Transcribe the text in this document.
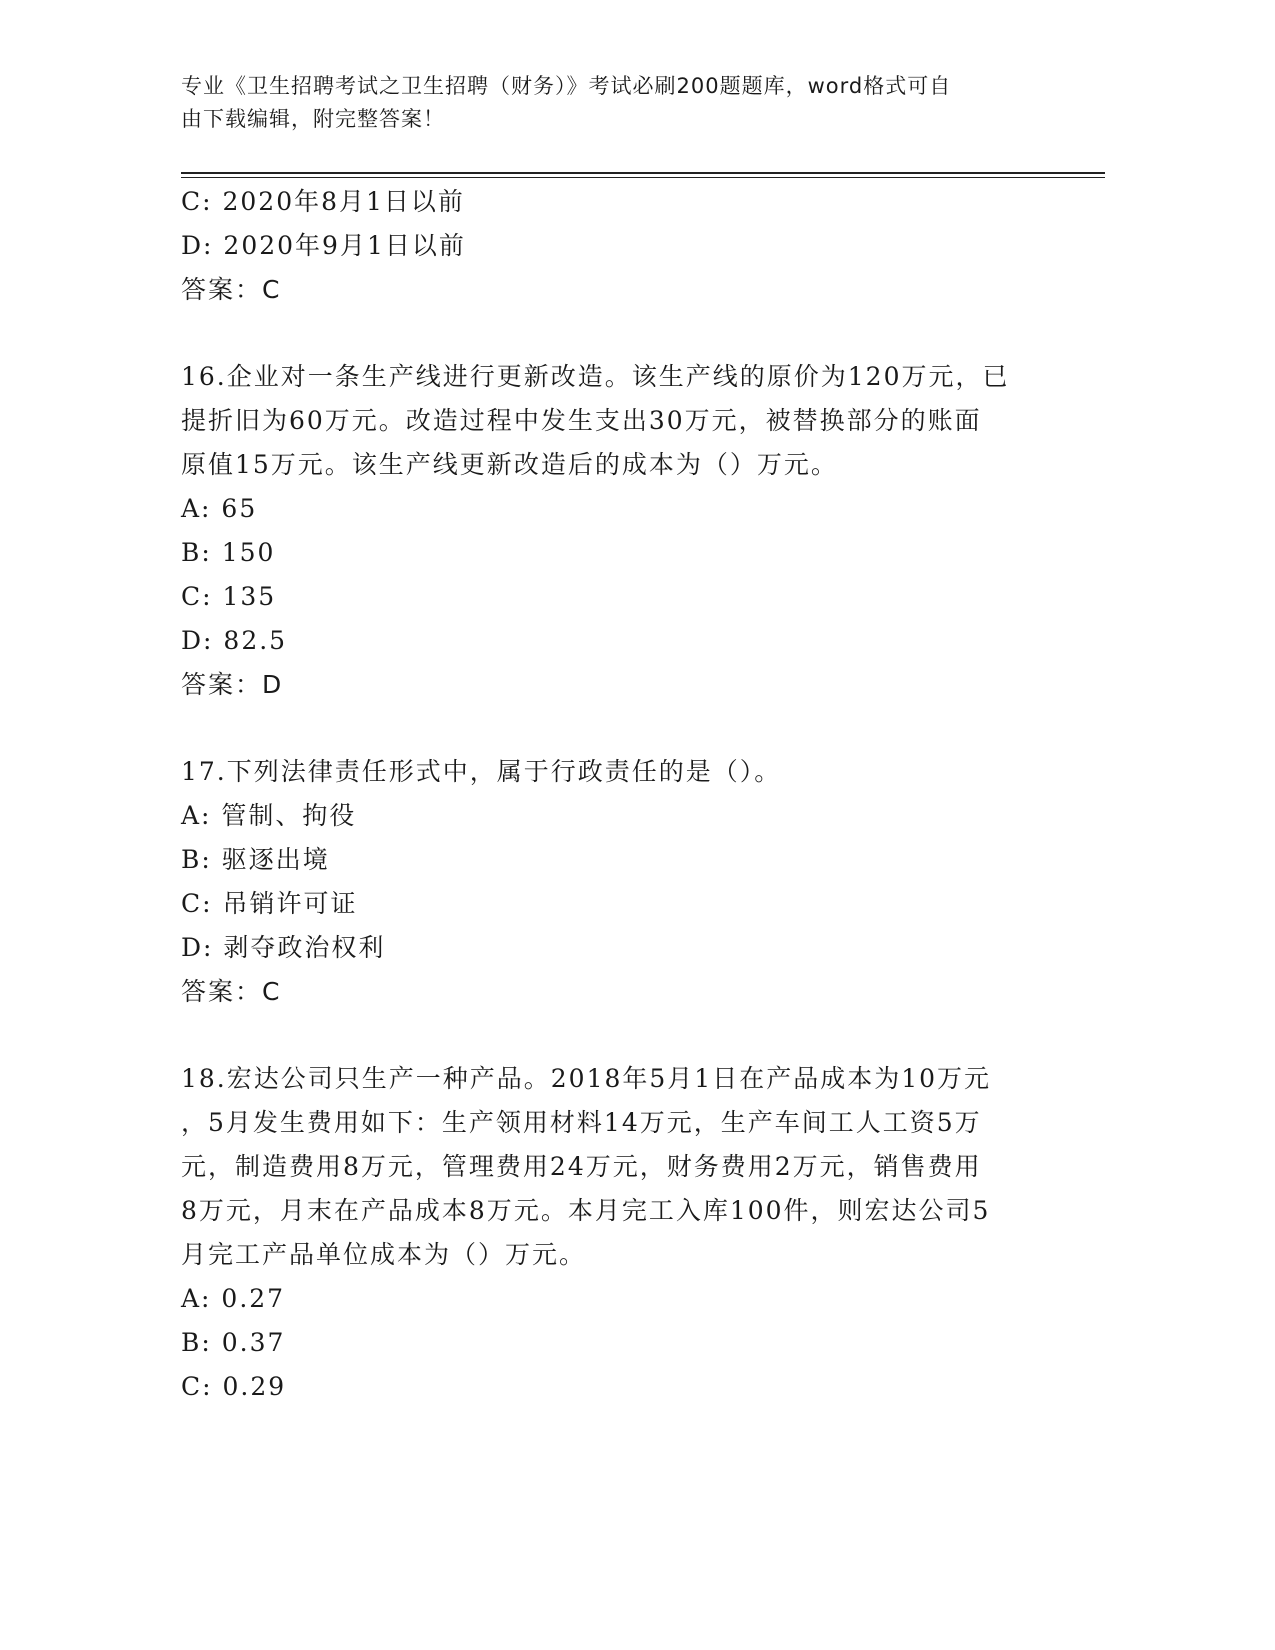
专业《卫生招聘考试之卫生招聘（财务）》考试必刷200题题库，word格式可自
由下载编辑，附完整答案！
C: 2020年8月1日以前
D: 2020年9月1日以前
答案：C
16.企业对一条生产线进行更新改造。该生产线的原价为120万元，已
提折旧为60万元。改造过程中发生支出30万元，被替换部分的账面
原值15万元。该生产线更新改造后的成本为（）万元。
A: 65
B: 150
C: 135
D: 82.5
答案：D
17.下列法律责任形式中，属于行政责任的是（）。
A: 管制、拘役
B: 驱逐出境
C: 吊销许可证
D: 剥夺政治权利
答案：C
18.宏达公司只生产一种产品。2018年5月1日在产品成本为10万元
，5月发生费用如下：生产领用材料14万元，生产车间工人工资5万
元，制造费用8万元，管理费用24万元，财务费用2万元，销售费用
8万元，月末在产品成本8万元。本月完工入库100件，则宏达公司5
月完工产品单位成本为（）万元。
A: 0.27
B: 0.37
C: 0.29
